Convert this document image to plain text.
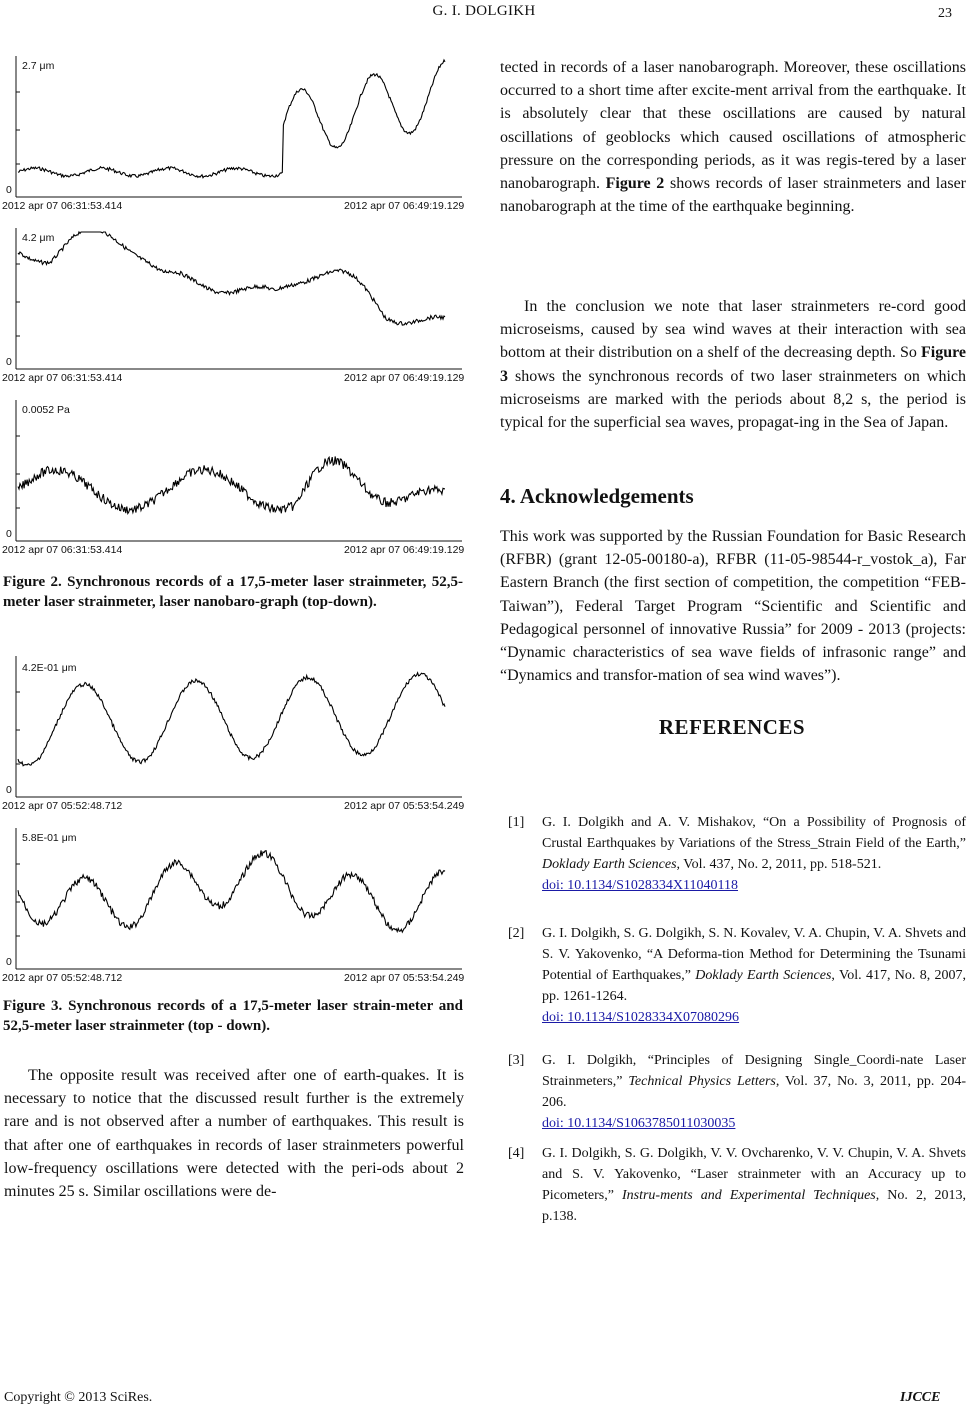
G. I. DOLGIKH	23
Copyright © 2013 SciRes.	IJCCE
2.7 μm
0
2012 apr 07 06:31:53.414	2012 apr 07 06:49:19.129
4.2 μm
0
2012 apr 07 06:31:53.414	2012 apr 07 06:49:19.129
0.0052 Pa
0
2012 apr 07 06:31:53.414	2012 apr 07 06:49:19.129
Figure 2. Synchronous records of a 17,5-meter laser strainmeter, 52,5-meter laser strainmeter, laser nanobaro-graph (top-down).
4.2E-01 μm
0
2012 apr 07 05:52:48.712	2012 apr 07 05:53:54.249
5.8E-01 μm
0
2012 apr 07 05:52:48.712	2012 apr 07 05:53:54.249
Figure 3. Synchronous records of a 17,5-meter laser strain-meter and 52,5-meter laser strainmeter (top - down).

The opposite result was received after one of earth-quakes. It is necessary to notice that the discussed result further is the extremely rare and is not observed after a number of earthquakes. This result is that after one of earthquakes in records of laser strainmeters powerful low-frequency oscillations were detected with the peri-ods about 2 minutes 25 s. Similar oscillations were de-

tected in records of a laser nanobarograph. Moreover, these oscillations occurred to a short time after excite-ment arrival from the earthquake. It is absolutely clear that these oscillations are caused by natural oscillations of geoblocks which caused oscillations of atmospheric pressure on the corresponding periods, as it was regis-tered by a laser nanobarograph. Figure 2 shows records of laser strainmeters and laser nanobarograph at the time of the earthquake beginning.

In the conclusion we note that laser strainmeters re-cord good microseisms, caused by sea wind waves at their interaction with sea bottom at their distribution on a shelf of the decreasing depth. So Figure 3 shows the synchronous records of two laser strainmeters on which microseisms are marked with the periods about 8,2 s, the period is typical for the superficial sea waves, propagat-ing in the Sea of Japan.

4. Acknowledgements

This work was supported by the Russian Foundation for Basic Research (RFBR) (grant 12-05-00180-a), RFBR (11-05-98544-r_vostok_a), Far Eastern Branch (the first section of competition, the competition “FEB-Taiwan”), Federal Target Program “Scientific and Scientific and Pedagogical personnel of innovative Russia” for 2009 - 2013 (projects: “Dynamic characteristics of sea wave fields of infrasonic range” and “Dynamics and transfor-mation of sea wind waves”).

REFERENCES
[1] G. I. Dolgikh and A. V. Mishakov, “On a Possibility of Prognosis of Crustal Earthquakes by Variations of the Stress_Strain Field of the Earth,” Doklady Earth Sciences, Vol. 437, No. 2, 2011, pp. 518-521.
doi: 10.1134/S1028334X11040118
[2] G. I. Dolgikh, S. G. Dolgikh, S. N. Kovalev, V. A. Chupin, V. A. Shvets and S. V. Yakovenko, “A Deforma-tion Method for Determining the Tsunami Potential of Earthquakes,” Doklady Earth Sciences, Vol. 417, No. 8, 2007, pp. 1261-1264.
doi: 10.1134/S1028334X07080296
[3] G. I. Dolgikh, “Principles of Designing Single_Coordi-nate Laser Strainmeters,” Technical Physics Letters, Vol. 37, No. 3, 2011, pp. 204-206.
doi: 10.1134/S1063785011030035
[4] G. I. Dolgikh, S. G. Dolgikh, V. V. Ovcharenko, V. V. Chupin, V. A. Shvets and S. V. Yakovenko, “Laser strainmeter with an Accuracy up to Picometers,” Instru-ments and Experimental Techniques, No. 2, 2013, p.138.
